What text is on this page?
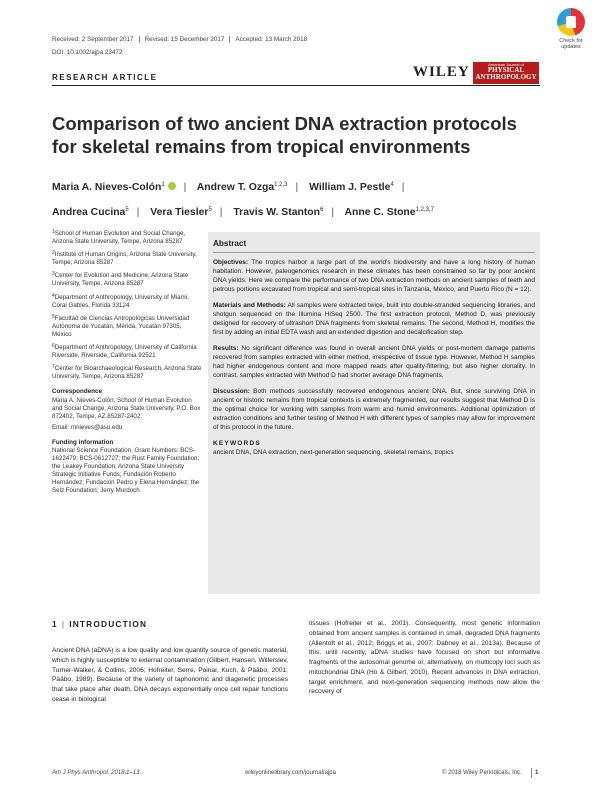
Received: 2 September 2017 Revised: 15 December 2017 Accepted: 13 March 2018
DOI: 10.1002/ajpa.23472
Check for
updates
RESEARCH ARTICLE	WILEY	American Journal of
PHYSICAL
ANTHROPOLOGY
Comparison of two ancient DNA extraction protocols for skeletal remains from tropical environments
Maria A. Nieves-Colón$^1$ | Andrew T. Ozga$^{1,2,3}$ | William J. Pestle$^4$ |
Andrea Cucina$^5$ | Vera Tiesler$^5$ | Travis W. Stanton$^6$ | Anne C. Stone$^{1,2,3,7}$

$^1$School of Human Evolution and Social Change, Arizona State University, Tempe, Arizona 85287

$^2$Institute of Human Origins, Arizona State University, Tempe, Arizona 85287

$^3$Center for Evolution and Medicine, Arizona State University, Tempe, Arizona 85287

$^4$Department of Anthropology, University of Miami, Coral Gables, Florida 33124

$^5$Facultad de Ciencias Antropológicas Universidad Autónoma de Yucatán, Mérida, Yucatán 97305, México

$^6$Department of Anthropology, University of California Riverside, Riverside, California 92521

$^7$Center for Bioarchaeological Research, Arizona State University, Tempe, Arizona 85287

Correspondence

Maria A. Nieves-Colón, School of Human Evolution and Social Change, Arizona State University, P.O. Box 872402, Tempe, AZ 85287-2402.

Email: mnieves@asu.edu

Funding information

National Science Foundation, Grant Numbers: BCS-1622479; BCS-0612727; the Rust Family Foundation; the Leakey Foundation; Arizona State University Strategic Initiative Funds; Fundación Roberto Hernández; Fundación Pedro y Elena Hernández; the Selz Foundation; Jerry Murdoch

Abstract

Objectives: The tropics harbor a large part of the world's biodiversity and have a long history of human habitation. However, paleogenomics research in these climates has been constrained so far by poor ancient DNA yields. Here we compare the performance of two DNA extraction methods on ancient samples of teeth and petrous portions excavated from tropical and semi-tropical sites in Tanzania, Mexico, and Puerto Rico (N = 12).

Materials and Methods: All samples were extracted twice, built into double-stranded sequencing libraries, and shotgun sequenced on the Illumina HiSeq 2500. The first extraction protocol, Method D, was previously designed for recovery of ultrashort DNA fragments from skeletal remains. The second, Method H, modifies the first by adding an initial EDTA wash and an extended digestion and decalcification step.

Results: No significant difference was found in overall ancient DNA yields or post-mortem damage patterns recovered from samples extracted with either method, irrespective of tissue type. However, Method H samples had higher endogenous content and more mapped reads after quality-filtering, but also higher clonality. In contrast, samples extracted with Method D had shorter average DNA fragments.

Discussion: Both methods successfully recovered endogenous ancient DNA. But, since surviving DNA in ancient or historic remains from tropical contexts is extremely fragmented, our results suggest that Method D is the optimal choice for working with samples from warm and humid environments. Additional optimization of extraction conditions and further testing of Method H with different types of samples may allow for improvement of this protocol in the future.

KEYWORDS
ancient DNA, DNA extraction, next-generation sequencing, skeletal remains, tropics
1 | INTRODUCTION
Ancient DNA (aDNA) is a low quality and low quantity source of genetic material, which is highly susceptible to external contamination (Gilbert, Hansen, Willerslev, Turner-Walker, & Collins, 2006; Hofreiter, Serre, Poinar, Kuch, & Pääbo, 2001; Pääbo, 1989). Because of the variety of taphonomic and diagenetic processes that take place after death, DNA decays exponentially once cell repair functions cease in biological
tissues (Hofreiter et al., 2001). Consequently, most genetic information obtained from ancient samples is contained in small, degraded DNA fragments (Allentoft et al., 2012; Briggs et al., 2007; Dabney et al., 2013a). Because of this, until recently, aDNA studies have focused on short but informative fragments of the autosomal genome or, alternatively, on multicopy loci such as mitochondrial DNA (Ho & Gilbert, 2010). Recent advances in DNA extraction, target enrichment, and next-generation sequencing methods now allow the recovery of
Am J Phys Anthropol. 2018;1–13.	wileyonlinelibrary.com/journal/ajpa	© 2018 Wiley Periodicals, Inc. 1
